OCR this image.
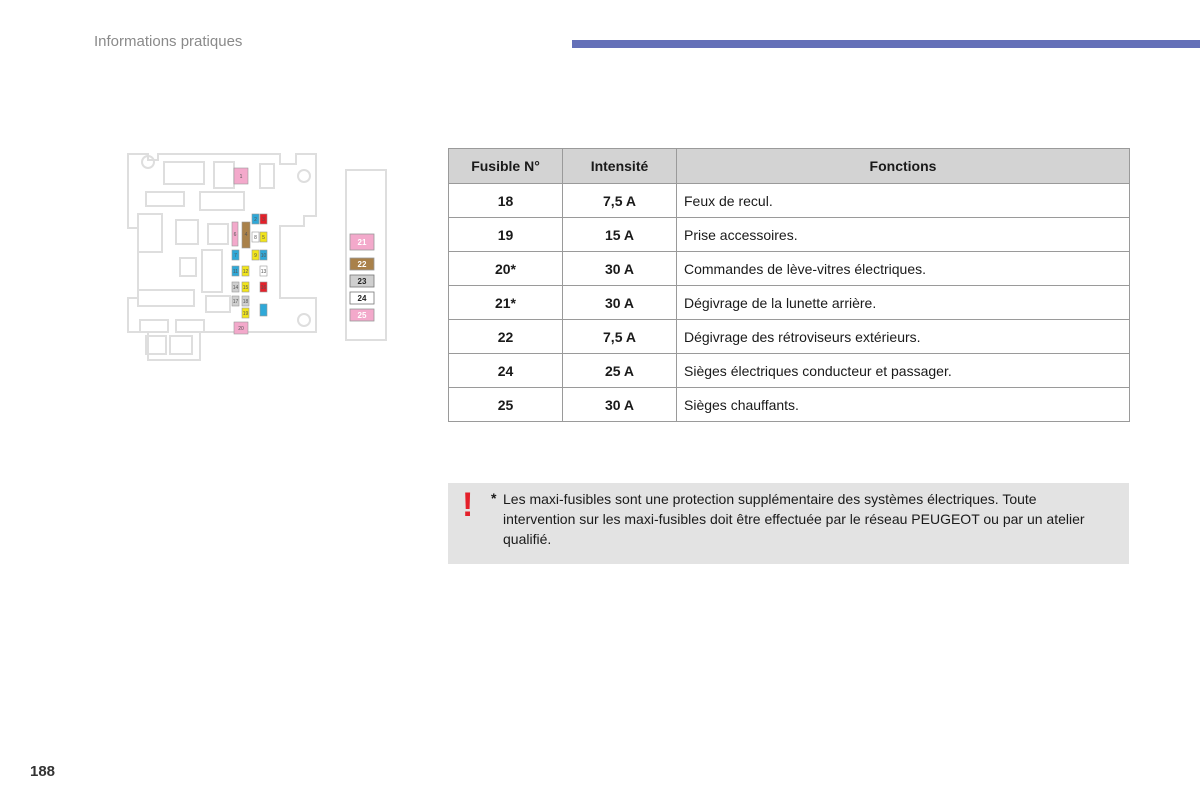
Informations pratiques
1
6 4
2 3
8 5
7	9 10
11 12 13
14 15 16
17 18
19
20
21
22
23
24
25
Fusible N°	Intensité	Fonctions
18	7,5 A	Feux de recul.
19	15 A	Prise accessoires.
20*	30 A	Commandes de lève-vitres électriques.
21*	30 A	Dégivrage de la lunette arrière.
22	7,5 A	Dégivrage des rétroviseurs extérieurs.
24	25 A	Sièges électriques conducteur et passager.
25	30 A	Sièges chauffants.
! * Les maxi-fusibles sont une protection supplémentaire des systèmes électriques. Toute intervention sur les maxi-fusibles doit être effectuée par le réseau PEUGEOT ou par un atelier qualifié.
188
